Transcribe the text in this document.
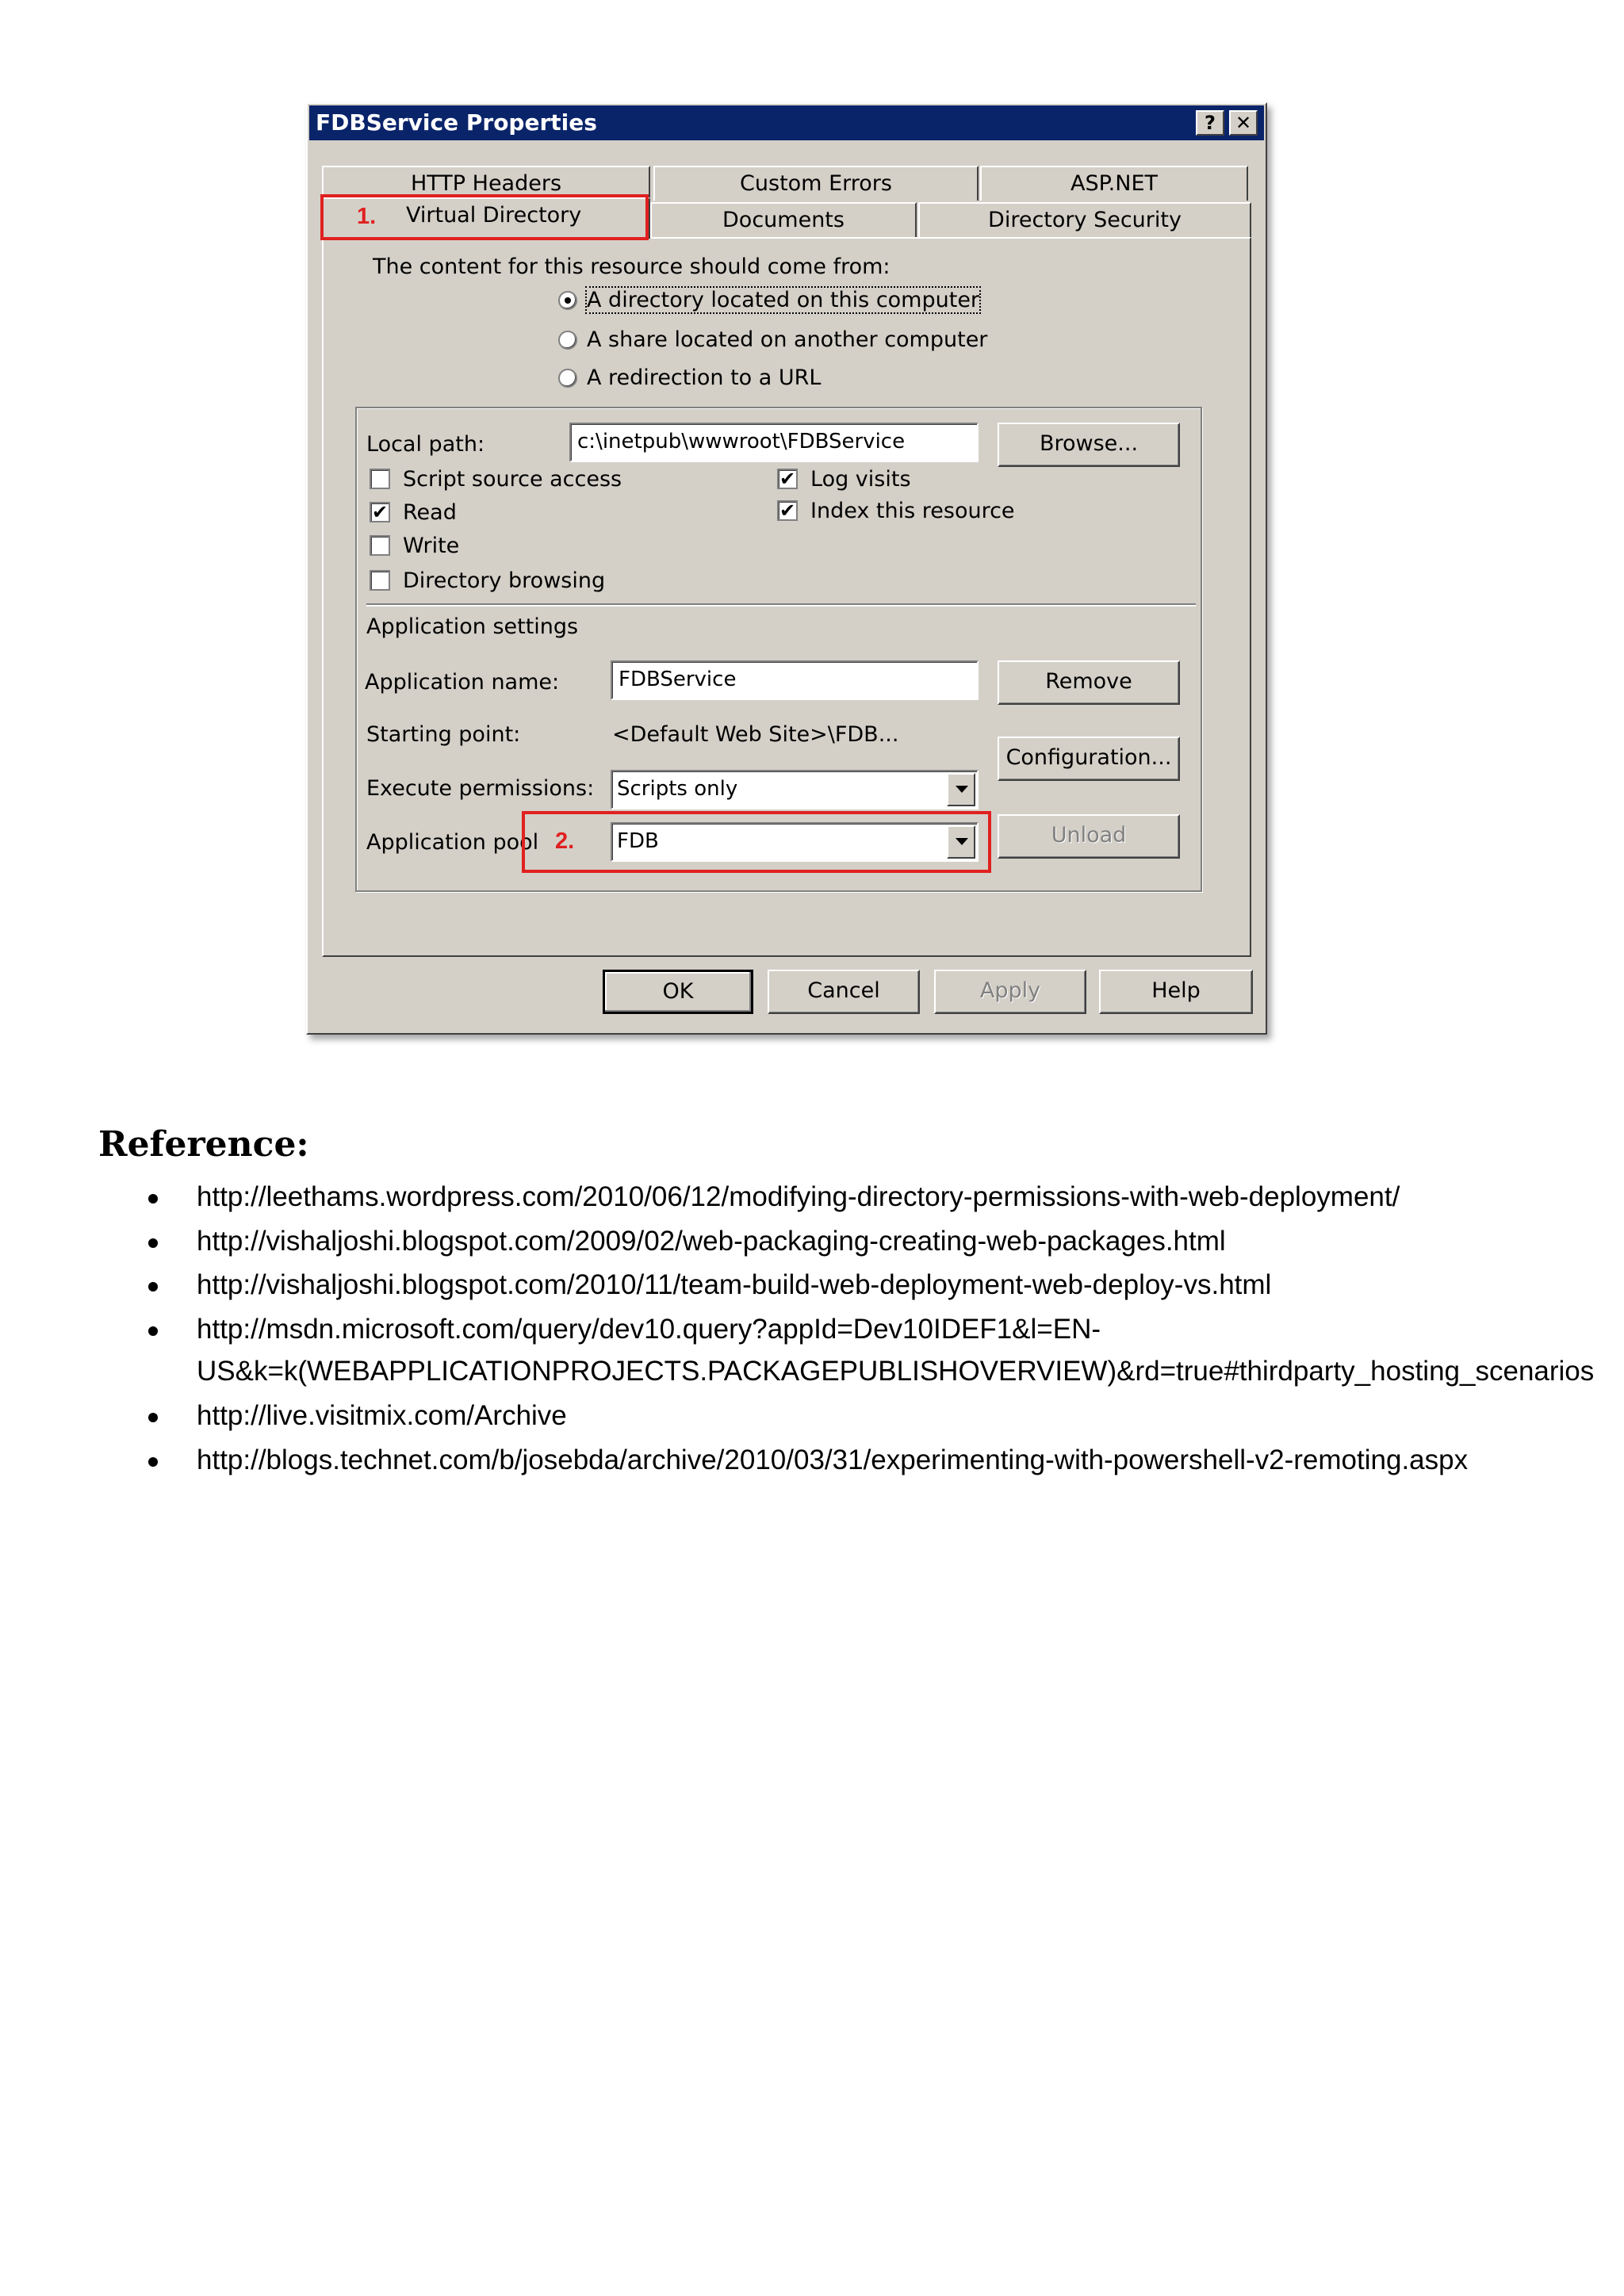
FDBService Properties	?	✕
HTTP Headers	Custom Errors	ASP.NET
Virtual Directory	Documents	Directory Security
1.
The content for this resource should come from:
A directory located on this computer
A share located on another computer
A redirection to a URL
Local path:	c:\inetpub\wwwroot\FDBService	Browse...
Script source access
✔ Read
Write
Directory browsing
✔ Log visits
✔ Index this resource
Application settings
Application name:	FDBService	Remove
Starting point:	<Default Web Site>\FDB...
Configuration...
Execute permissions:	Scripts only
Application pool	FDB	Unload
2.
OK	Cancel	Apply	Help
Reference:
http://leethams.wordpress.com/2010/06/12/modifying-directory-permissions-with-web-deployment/
http://vishaljoshi.blogspot.com/2009/02/web-packaging-creating-web-packages.html
http://vishaljoshi.blogspot.com/2010/11/team-build-web-deployment-web-deploy-vs.html
http://msdn.microsoft.com/query/dev10.query?appId=Dev10IDEF1&l=EN-
US&k=k(WEBAPPLICATIONPROJECTS.PACKAGEPUBLISHOVERVIEW)&rd=true#thirdparty_hosting_scenarios
http://live.visitmix.com/Archive
http://blogs.technet.com/b/josebda/archive/2010/03/31/experimenting-with-powershell-v2-remoting.aspx
